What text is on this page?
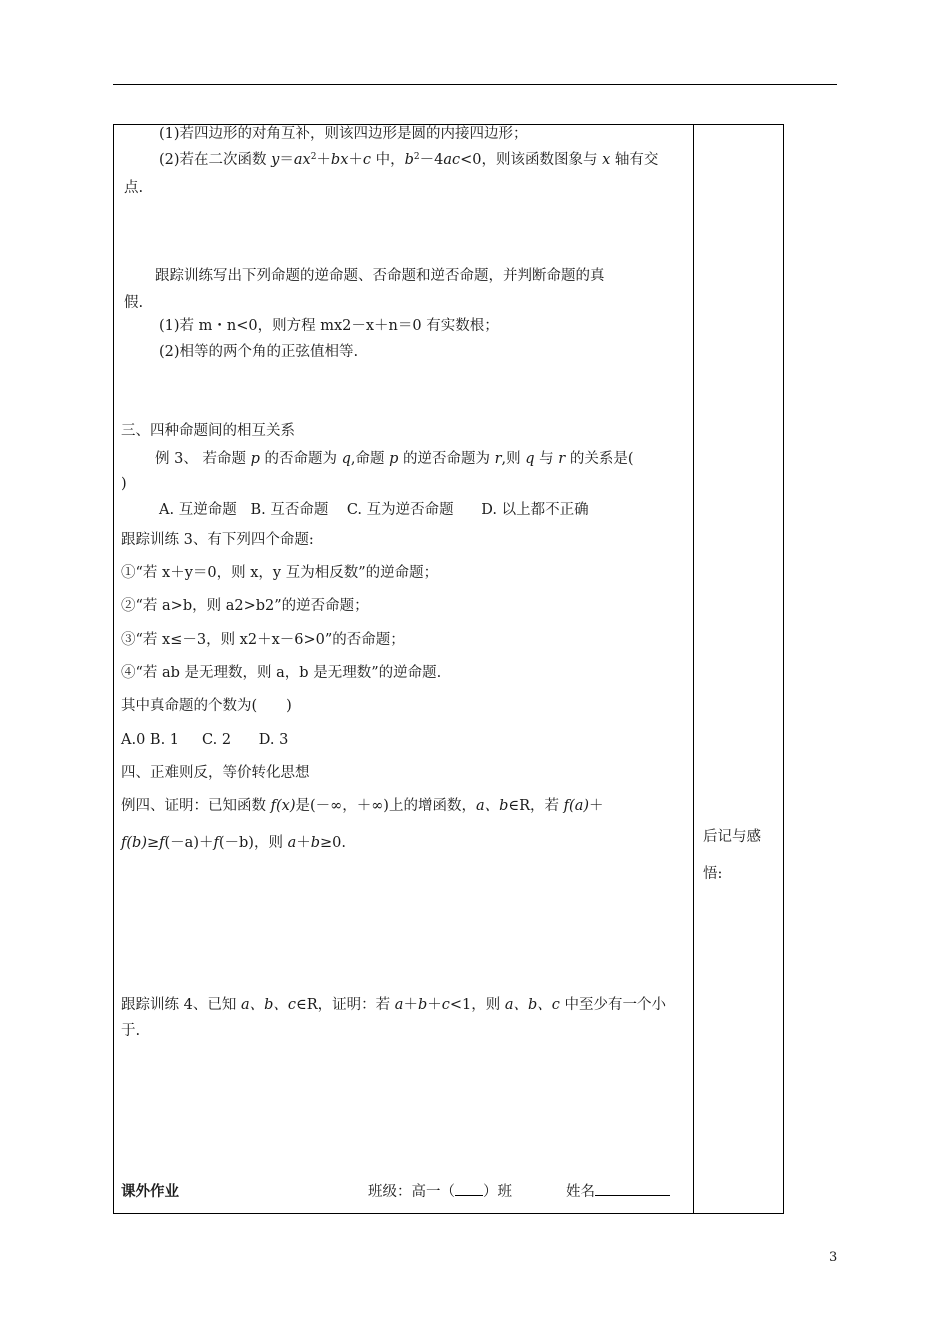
(1)若四边形的对角互补，则该四边形是圆的内接四边形；
(2)若在二次函数 $y=ax^2+bx+c$ 中，$b^2-4ac<0$，则该函数图象与 x 轴有交
点.
跟踪训练写出下列命题的逆命题、否命题和逆否命题，并判断命题的真
假.
(1)若 m・n<0，则方程 mx2－x＋n＝0 有实数根；
(2)相等的两个角的正弦值相等.
三、四种命题间的相互关系
例 3、 若命题 p 的否命题为 q,命题 p 的逆否命题为 r,则 q 与 r 的关系是(
)
A. 互逆命题   B. 互否命题    C. 互为逆否命题      D. 以上都不正确
跟踪训练 3、有下列四个命题:
①“若 x＋y＝0，则 x，y 互为相反数”的逆命题；
②“若 a>b，则 a2>b2”的逆否命题；
③“若 x≤－3，则 x2＋x－6>0”的否命题；
④“若 ab 是无理数，则 a，b 是无理数”的逆命题.
其中真命题的个数为(　　)
A.0 B. 1     C. 2      D. 3
四、正难则反，等价转化思想
例四、证明：已知函数 f(x)是(－∞，＋∞)上的增函数，a、b∈R，若 f(a)＋
f(b)≥f(－a)＋f(－b)，则 a＋b≥0.
跟踪训练 4、已知 a、b、c∈R，证明：若 a＋b＋c<1，则 a、b、c 中至少有一个小
于.
课外作业	班级：高一（ ）班	姓名
后记与感
悟:
3
